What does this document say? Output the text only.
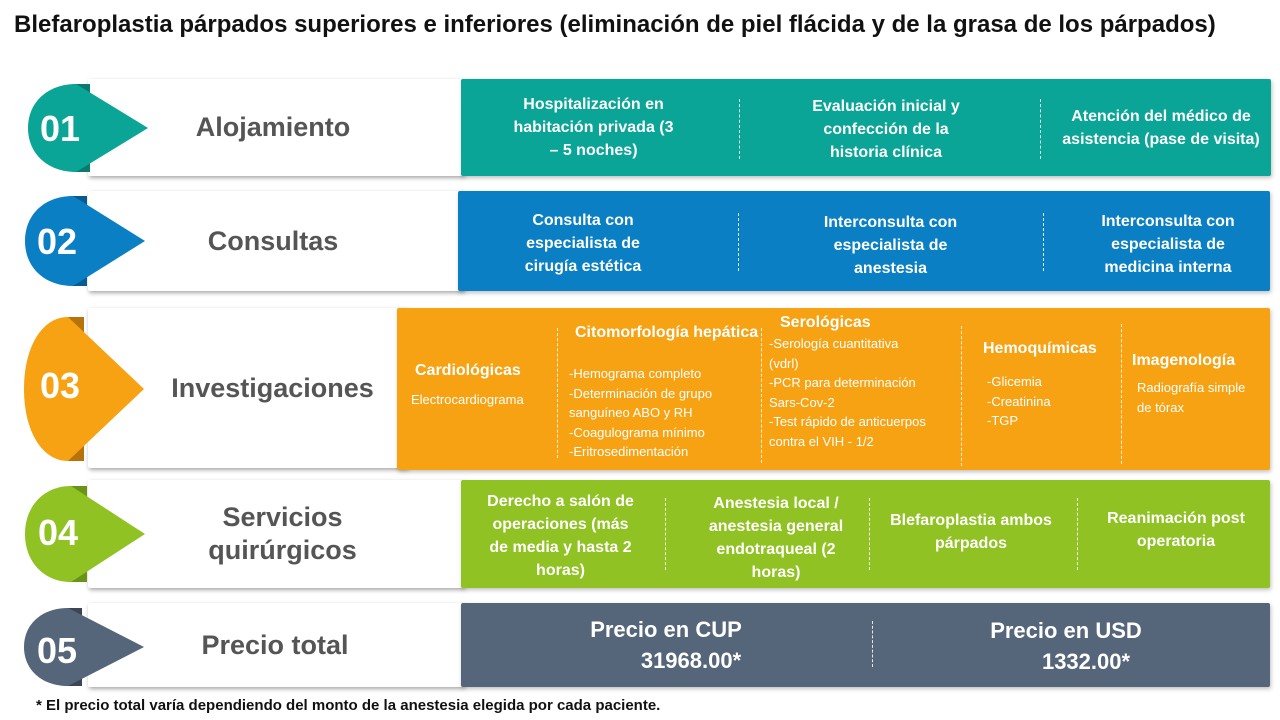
Blefaroplastia párpados superiores e inferiores (eliminación de piel flácida y de la grasa de los párpados)
Alojamiento
Hospitalización en habitación privada (3 – 5 noches)
Evaluación inicial y confección de la historia clínica
Atención del médico de asistencia (pase de visita)
01
Consultas
Consulta con especialista de cirugía estética
Interconsulta con especialista de anestesia
Interconsulta con especialista de medicina interna
02
Investigaciones
Cardiológicas
Electrocardiograma
Citomorfología hepática
-Hemograma completo
-Determinación de grupo
sanguíneo ABO y RH
-Coagulograma mínimo
-Eritrosedimentación
Serológicas
-Serología cuantitativa
(vdrl)
-PCR para determinación
Sars-Cov-2
-Test rápido de anticuerpos
contra el VIH - 1/2
Hemoquímicas
-Glicemia
-Creatinina
-TGP
Imagenología
Radiografía simple
de tórax
03
Servicios quirúrgicos
Derecho a salón de operaciones (más de media y hasta 2 horas)
Anestesia local / anestesia general endotraqueal (2 horas)
Blefaroplastia ambos párpados
Reanimación post operatoria
04
Precio total	Precio en CUP
31968.00*
Precio en USD
1332.00*
05
* El precio total varía dependiendo del monto de la anestesia elegida por cada paciente.
